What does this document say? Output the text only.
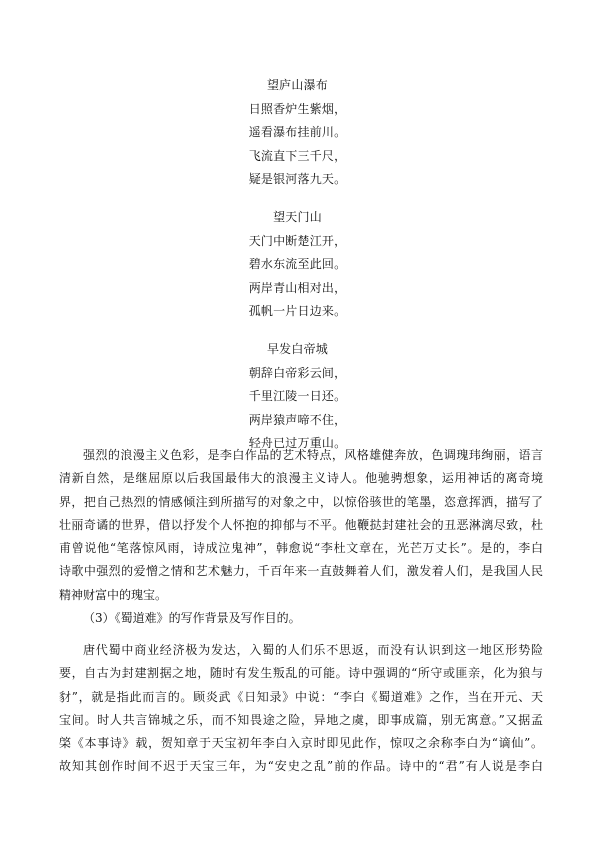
望庐山瀑布
日照香炉生紫烟，
遥看瀑布挂前川。
飞流直下三千尺，
疑是银河落九天。
望天门山
天门中断楚江开，
碧水东流至此回。
两岸青山相对出，
孤帆一片日边来。
早发白帝城
朝辞白帝彩云间，
千里江陵一日还。
两岸猿声啼不住，
轻舟已过万重山。
强烈的浪漫主义色彩，是李白作品的艺术特点，风格雄健奔放，色调瑰玮绚丽，语言
清新自然，是继屈原以后我国最伟大的浪漫主义诗人。他驰骋想象，运用神话的离奇境
界，把自己热烈的情感倾注到所描写的对象之中，以惊俗骇世的笔墨，恣意挥洒，描写了
壮丽奇谲的世界，借以抒发个人怀抱的抑郁与不平。他鞭挞封建社会的丑恶淋漓尽致，杜
甫曾说他“笔落惊风雨，诗成泣鬼神”，韩愈说“李杜文章在，光芒万丈长”。是的，李白
诗歌中强烈的爱憎之情和艺术魅力，千百年来一直鼓舞着人们，激发着人们，是我国人民
精神财富中的瑰宝。
（3）《蜀道难》的写作背景及写作目的。
唐代蜀中商业经济极为发达，入蜀的人们乐不思返，而没有认识到这一地区形势险
要，自古为封建割据之地，随时有发生叛乱的可能。诗中强调的“所守或匪亲，化为狼与
豺”，就是指此而言的。顾炎武《日知录》中说：“李白《蜀道难》之作，当在开元、天
宝间。时人共言锦城之乐，而不知畏途之险，异地之虞，即事成篇，别无寓意。”又据孟
棨《本事诗》载，贺知章于天宝初年李白入京时即见此作，惊叹之余称李白为“谪仙”。
故知其创作时间不迟于天宝三年，为“安史之乱”前的作品。诗中的“君”有人说是李白
